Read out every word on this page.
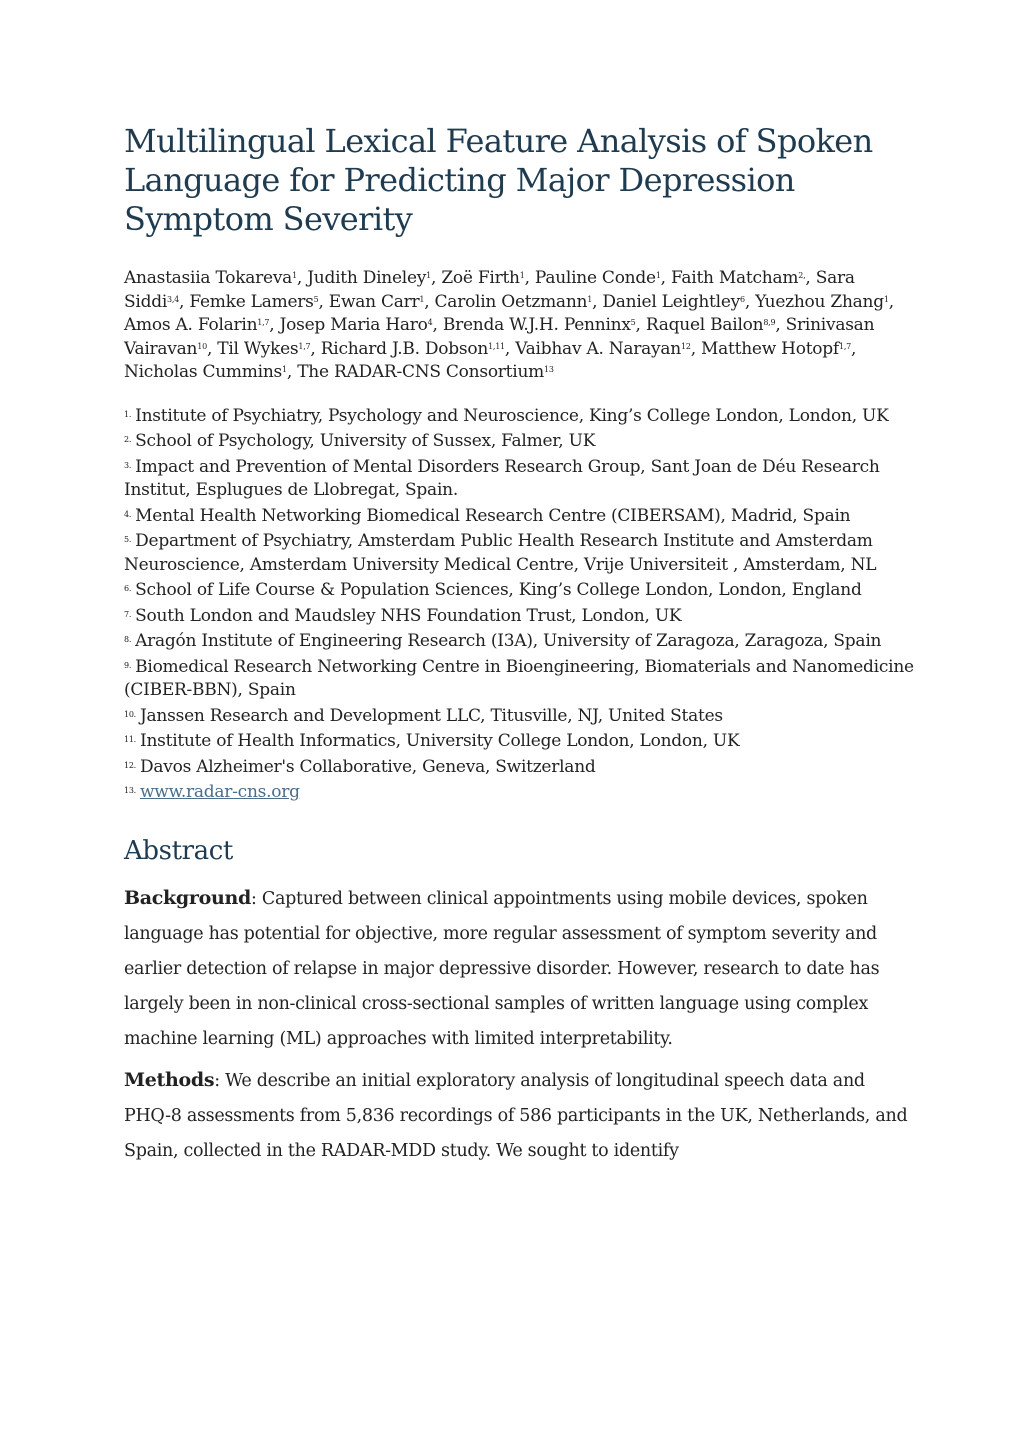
Multilingual Lexical Feature Analysis of Spoken Language for Predicting Major Depression Symptom Severity

Anastasiia Tokareva$^1$, Judith Dineley$^1$, Zoë Firth$^1$, Pauline Conde$^1$, Faith Matcham$^{2,}$, Sara Siddi$^{3,4}$, Femke Lamers$^5$, Ewan Carr$^1$, Carolin Oetzmann$^1$, Daniel Leightley$^6$, Yuezhou Zhang$^1$, Amos A. Folarin$^{1,7}$, Josep Maria Haro$^4$, Brenda W.J.H. Penninx$^5$, Raquel Bailon$^{8,9}$, Srinivasan Vairavan$^{10}$, Til Wykes$^{1,7}$, Richard J.B. Dobson$^{1,11}$, Vaibhav A. Narayan$^{12}$, Matthew Hotopf$^{1,7}$, Nicholas Cummins$^1$, The RADAR-CNS Consortium$^{13}$

$^{1.}$ Institute of Psychiatry, Psychology and Neuroscience, King’s College London, London, UK

$^{2.}$ School of Psychology, University of Sussex, Falmer, UK

$^{3.}$ Impact and Prevention of Mental Disorders Research Group, Sant Joan de Déu Research Institut, Esplugues de Llobregat, Spain.

$^{4.}$ Mental Health Networking Biomedical Research Centre (CIBERSAM), Madrid, Spain

$^{5.}$ Department of Psychiatry, Amsterdam Public Health Research Institute and Amsterdam Neuroscience, Amsterdam University Medical Centre, Vrije Universiteit , Amsterdam, NL

$^{6.}$ School of Life Course & Population Sciences, King’s College London, London, England

$^{7.}$ South London and Maudsley NHS Foundation Trust, London, UK

$^{8.}$ Aragón Institute of Engineering Research (I3A), University of Zaragoza, Zaragoza, Spain

$^{9.}$ Biomedical Research Networking Centre in Bioengineering, Biomaterials and Nanomedicine (CIBER-BBN), Spain

$^{10.}$ Janssen Research and Development LLC, Titusville, NJ, United States

$^{11.}$ Institute of Health Informatics, University College London, London, UK

$^{12.}$ Davos Alzheimer's Collaborative, Geneva, Switzerland

$^{13.}$ www.radar-cns.org

Abstract

Background: Captured between clinical appointments using mobile devices, spoken language has potential for objective, more regular assessment of symptom severity and earlier detection of relapse in major depressive disorder. However, research to date has largely been in non-clinical cross-sectional samples of written language using complex machine learning (ML) approaches with limited interpretability.

Methods: We describe an initial exploratory analysis of longitudinal speech data and PHQ-8 assessments from 5,836 recordings of 586 participants in the UK, Netherlands, and Spain, collected in the RADAR-MDD study. We sought to identify
